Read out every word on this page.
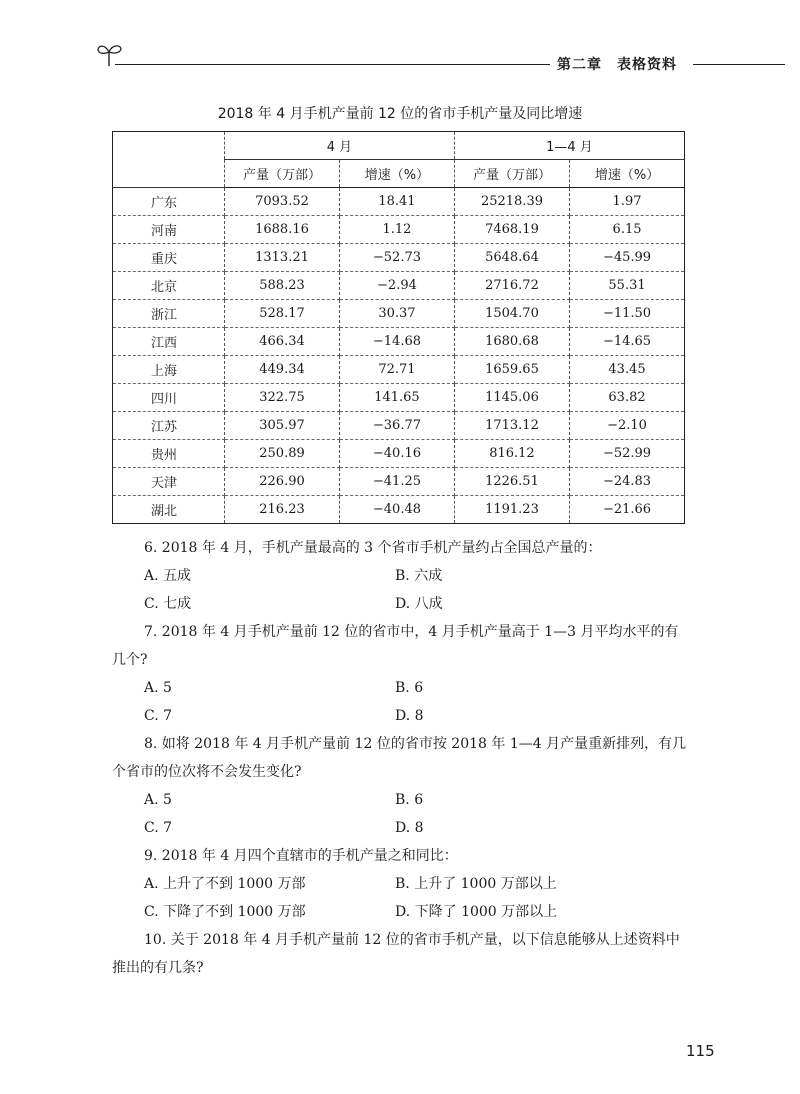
第二章　表格资料
2018 年 4 月手机产量前 12 位的省市手机产量及同比增速
	4 月		1—4 月	
	产量（万部）	增速（%）	产量（万部）	增速（%）
广东	7093.52	18.41	25218.39	1.97
河南	1688.16	1.12	7468.19	6.15
重庆	1313.21	−52.73	5648.64	−45.99
北京	588.23	−2.94	2716.72	55.31
浙江	528.17	30.37	1504.70	−11.50
江西	466.34	−14.68	1680.68	−14.65
上海	449.34	72.71	1659.65	43.45
四川	322.75	141.65	1145.06	63.82
江苏	305.97	−36.77	1713.12	−2.10
贵州	250.89	−40.16	816.12	−52.99
天津	226.90	−41.25	1226.51	−24.83
湖北	216.23	−40.48	1191.23	−21.66

6. 2018 年 4 月，手机产量最高的 3 个省市手机产量约占全国总产量的：

A. 五成	B. 六成
C. 七成	D. 八成

7. 2018 年 4 月手机产量前 12 位的省市中，4 月手机产量高于 1—3 月平均水平的有几个?

A. 5	B. 6
C. 7	D. 8

8. 如将 2018 年 4 月手机产量前 12 位的省市按 2018 年 1—4 月产量重新排列，有几个省市的位次将不会发生变化?

A. 5	B. 6
C. 7	D. 8

9. 2018 年 4 月四个直辖市的手机产量之和同比：

A. 上升了不到 1000 万部	B. 上升了 1000 万部以上
C. 下降了不到 1000 万部	D. 下降了 1000 万部以上

10. 关于 2018 年 4 月手机产量前 12 位的省市手机产量，以下信息能够从上述资料中推出的有几条?

115
